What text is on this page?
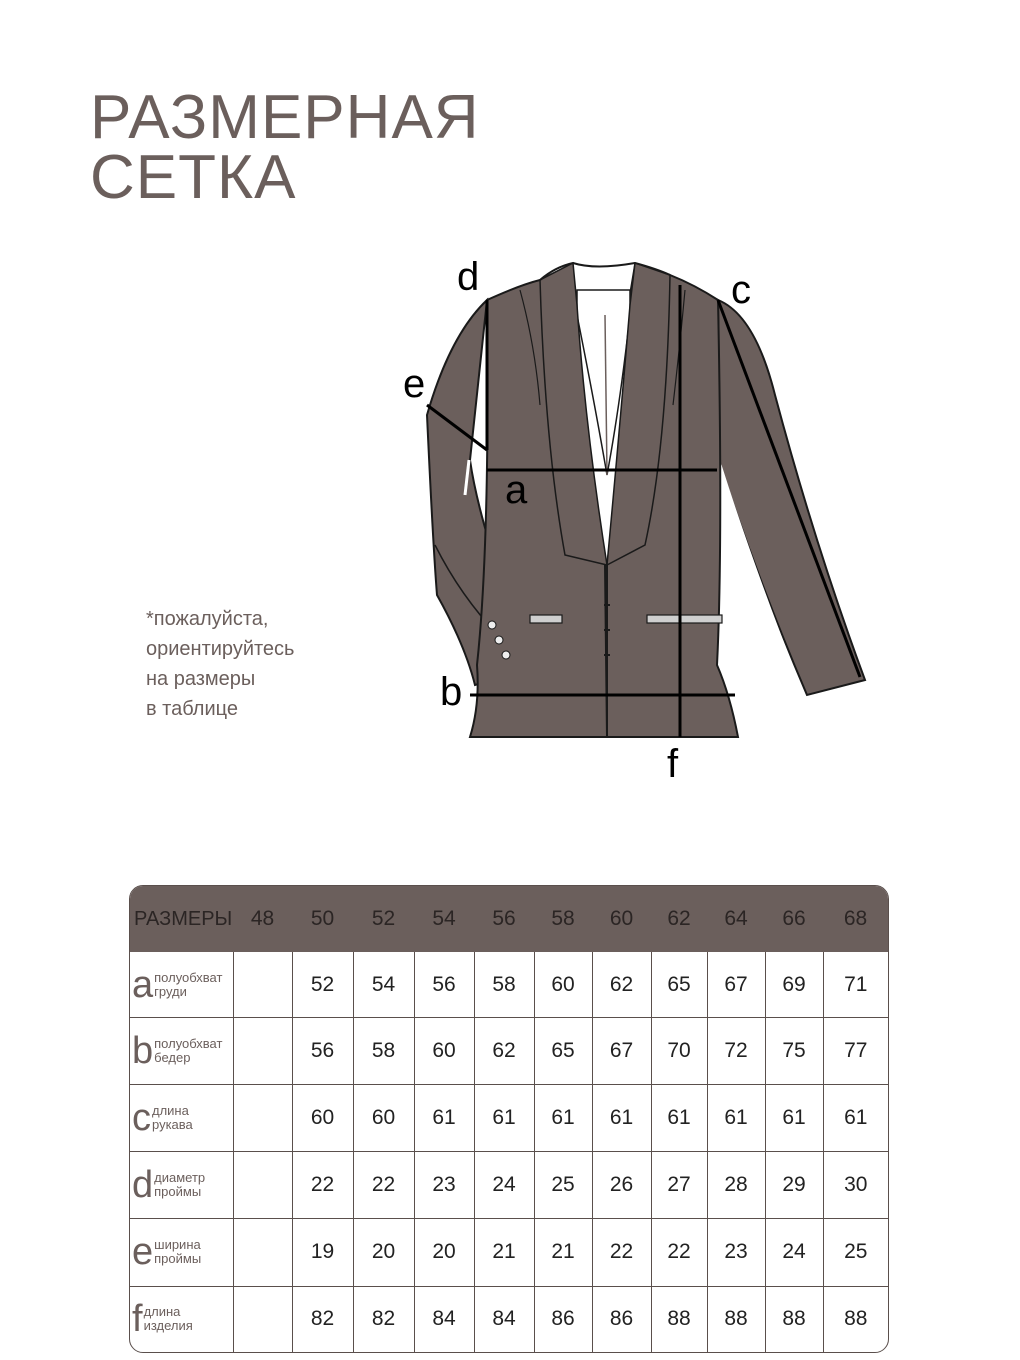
РАЗМЕРНАЯ
СЕТКА
*пожалуйста,
ориентируйтесь
на размеры
в таблице
a
b
c
d
e
f
РАЗМЕРЫ	48	50	52	54	56	58	60	62	64	66	68
a полуобхват
груди		52	54	56	58	60	62	65	67	69	71
b полуобхват
бедер		56	58	60	62	65	67	70	72	75	77
c длина
рукава		60	60	61	61	61	61	61	61	61	61
d диаметр
проймы		22	22	23	24	25	26	27	28	29	30
e ширина
проймы		19	20	20	21	21	22	22	23	24	25
f длина
изделия		82	82	84	84	86	86	88	88	88	88
